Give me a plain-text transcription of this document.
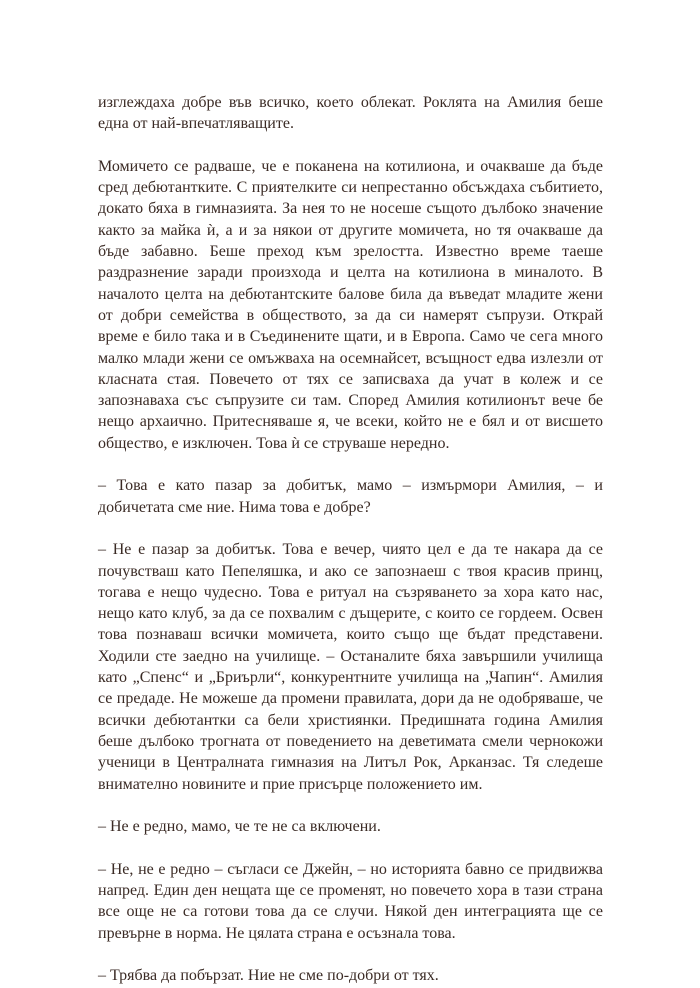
изглеждаха добре във всичко, което облекат. Роклята на Амилия беше една от най-впечатляващите.

Момичето се радваше, че е поканена на котилиона, и очакваше да бъде сред дебютантките. С приятелките си непрестанно обсъждаха събитието, докато бяха в гимназията. За нея то не носеше същото дълбоко значение както за майка ѝ, а и за някои от другите момичета, но тя очакваше да бъде забавно. Беше преход към зрелостта. Известно време таеше раздразнение заради произхода и целта на котилиона в миналото. В началото целта на дебютантските балове била да въведат младите жени от добри семейства в обществото, за да си намерят съпрузи. Открай време е било така и в Съединените щати, и в Европа. Само че сега много малко млади жени се омъжваха на осемнайсет, всъщност едва излезли от класната стая. Повечето от тях се записваха да учат в колеж и се запознаваха със съпрузите си там. Според Амилия котилионът вече бе нещо архаично. Притесняваше я, че всеки, който не е бял и от висшето общество, е изключен. Това ѝ се струваше нередно.

– Това е като пазар за добитък, мамо – измърмори Амилия, – и добичетата сме ние. Нима това е добре?

– Не е пазар за добитък. Това е вечер, чиято цел е да те накара да се почувстваш като Пепеляшка, и ако се запознаеш с твоя красив принц, тогава е нещо чудесно. Това е ритуал на съзряването за хора като нас, нещо като клуб, за да се похвалим с дъщерите, с които се гордеем. Освен това познаваш всички момичета, които също ще бъдат представени. Ходили сте заедно на училище. – Останалите бяха завършили училища като „Спенс“ и „Бриърли“, конкурентните училища на „Чапин“. Амилия се предаде. Не можеше да промени правилата, дори да не одобряваше, че всички дебютантки са бели християнки. Предишната година Амилия беше дълбоко трогната от поведението на деветимата смели чернокожи ученици в Централната гимназия на Литъл Рок, Арканзас. Тя следеше внимателно новините и прие присърце положението им.

– Не е редно, мамо, че те не са включени.

– Не, не е редно – съгласи се Джейн, – но историята бавно се придвижва напред. Един ден нещата ще се променят, но повечето хора в тази страна все още не са готови това да се случи. Някой ден интеграцията ще се превърне в норма. Не цялата страна е осъзнала това.

– Трябва да побързат. Ние не сме по-добри от тях.
